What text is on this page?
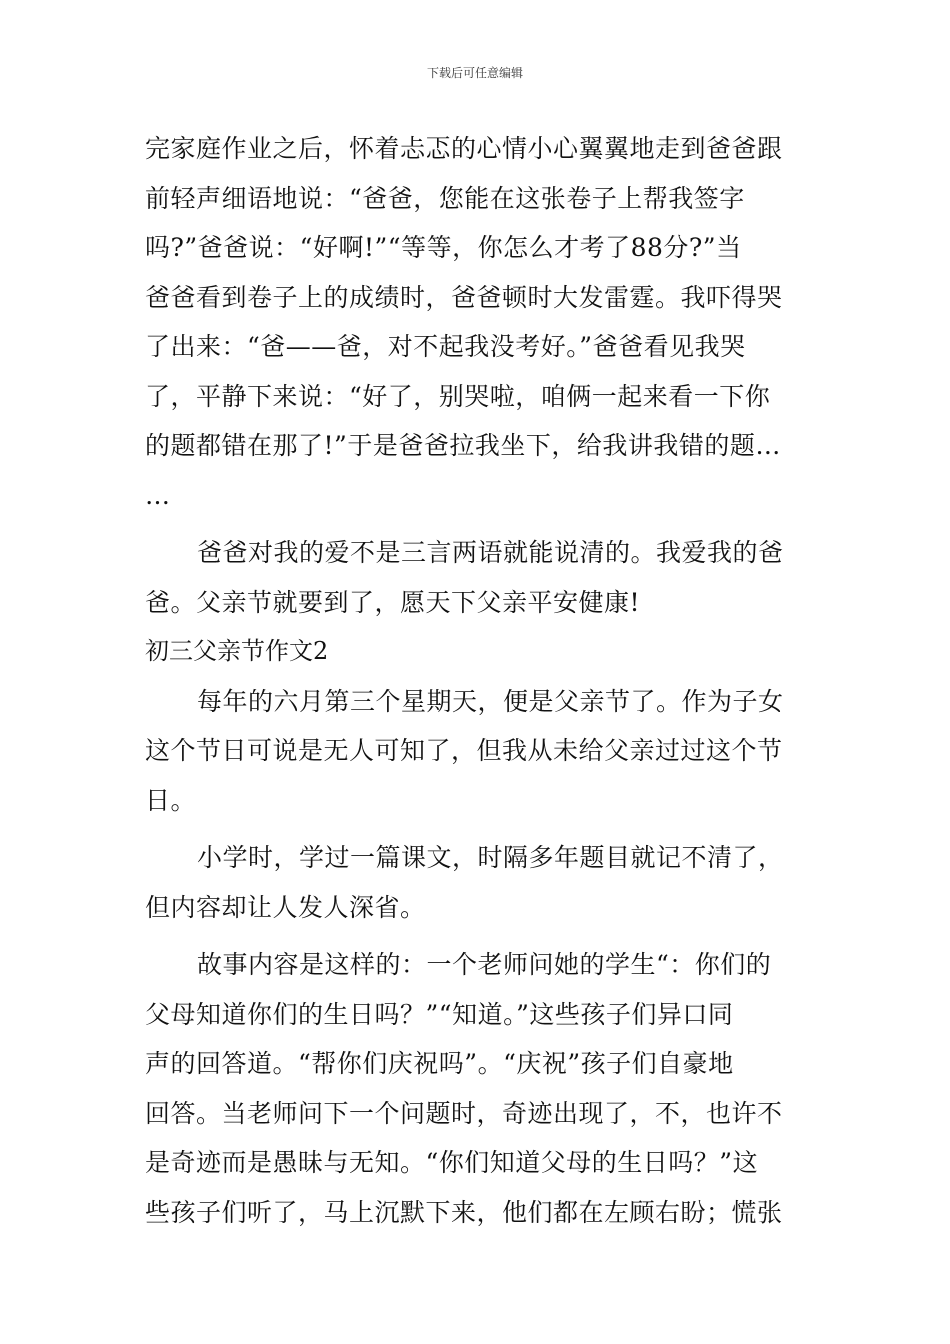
下载后可任意编辑
完家庭作业之后，怀着忐忑的心情小心翼翼地走到爸爸跟
前轻声细语地说：“爸爸，您能在这张卷子上帮我签字
吗?”爸爸说：“好啊!”“等等，你怎么才考了88分?”当
爸爸看到卷子上的成绩时，爸爸顿时大发雷霆。我吓得哭
了出来：“爸——爸，对不起我没考好。”爸爸看见我哭
了，平静下来说：“好了，别哭啦，咱俩一起来看一下你
的题都错在那了!”于是爸爸拉我坐下，给我讲我错的题…
…
爸爸对我的爱不是三言两语就能说清的。我爱我的爸
爸。父亲节就要到了，愿天下父亲平安健康!
初三父亲节作文2
每年的六月第三个星期天，便是父亲节了。作为子女
这个节日可说是无人可知了，但我从未给父亲过过这个节
日。
小学时，学过一篇课文，时隔多年题目就记不清了，
但内容却让人发人深省。
故事内容是这样的：一个老师问她的学生“：你们的
父母知道你们的生日吗？”“知道。”这些孩子们异口同
声的回答道。“帮你们庆祝吗”。“庆祝”孩子们自豪地
回答。当老师问下一个问题时，奇迹出现了，不，也许不
是奇迹而是愚昧与无知。“你们知道父母的生日吗？”这
些孩子们听了，马上沉默下来，他们都在左顾右盼；慌张
